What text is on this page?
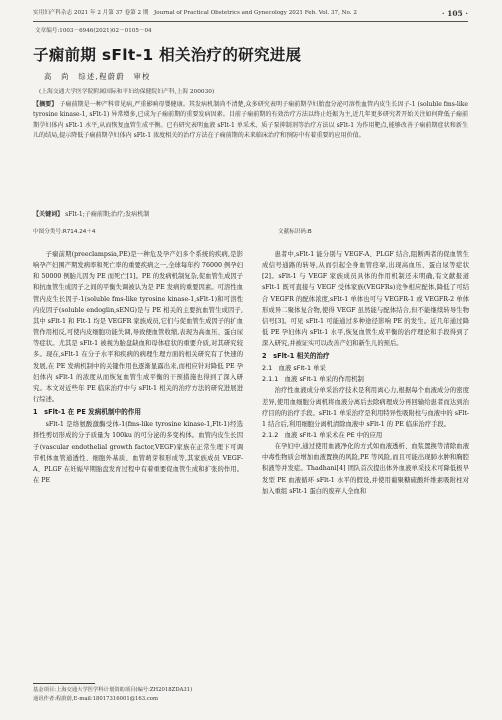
实用妇产科杂志 2021 年 2 月第 37 卷第 2 期　Journal of Practical Obstetrics and Gynecology 2021 Feb. Vol. 37, No. 2	· 105 ·
文章编号:1003－6946(2021)02－0105－04
子痫前期 sFlt-1 相关治疗的研究进展
高　尚　综述,程蔚蔚　审校
(上海交通大学医学院附属国际和平妇幼保健院妇产科,上海 200030)
【摘要】 子痫前期是一种产科常见病,严重影响母婴健康。其发病机制尚不清楚,众多研究表明子痫前期孕妇胎盘分泌可溶性血管内皮生长因子-1 (soluble fms-like tyrosine kinase-1, sFlt-1) 异常增多,已成为子痫前期的重要发病因素。目前子痫前期的有效治疗方法以终止妊娠为主,近几年更多研究者开始关注如何降低子痫前期孕妇体内 sFlt-1 水平,从而恢复血管生成平衡。已有研究表明血液 sFlt-1 单采术、质子泵抑制剂等治疗方法以 sFlt-1 为作用靶点,能够改善子痫前期症状和新生儿的结局,提示降低子痫前期孕妇体内 sFlt-1 浓度相关的治疗方法在子痫前期的未来临床治疗和预防中有着重要的应用价值。
【关键词】 sFlt-1;子痫前期;治疗;发病机制
中图分类号:R714.24＋4	文献标识码:B

子痫前期(preeclampsia,PE)是一种危及孕产妇多个系统的疾病,是影响孕产妇围产期发病率和死亡率的重要疾病之一,全球每年约 76000 例孕妇和 50000 例胎儿因为 PE 而死亡[1]。PE 的发病机制复杂,促血管生成因子和抗血管生成因子之间的平衡失调被认为是 PE 发病的重要因素。可溶性血管内皮生长因子-1(soluble fms-like tyrosine kinase-1,sFlt-1)和可溶性内皮因子(soluble endoglin,sENG)是与 PE 相关的主要抗血管生成因子,其中 sFlt-1 和 Flt-1 均是 VEGFR 家族成员,它们与促血管生成因子的扩血管作用相反,可使内皮细胞功能失调,导致便血管收缩,表现为高血压、蛋白尿等症状。尤其是 sFlt-1 被视为胎盘缺血和母体症状的重要介质,对其研究较多。现在,sFlt-1 在分子水平和疾病的病理生理方面的相关研究有了快速的发展,在 PE 发病机制中的关键作用也逐渐显露出来,而相应针对降低 PE 孕妇体内 sFlt-1 的浓度从而恢复血管生成平衡的干预措施也得到了深入研究。本文对近些年 PE 临床治疗中与 sFlt-1 相关的治疗方法的研究进展进行综述。

1　sFlt-1 在 PE 发病机制中的作用

sFlt-1 是络氨酸激酶受体-1(fms-like tyrosine kinase-1,Flt-1)经选择性剪切形成的分子质量为 100ku 的可分泌的多变构体。血管内皮生长因子(vascular endothelial growth factor,VEGF)家族在正常生理下可调节机体血管通透性、细胞外基质、血管萌芽和形成等,其家族成员 VEGF-A、PLGF 在妊娠早期胎盘发育过程中有着重要促血管生成和扩张的作用。在 PE

患者中,sFlt-1 能分别与 VEGF-A、PLGF 结合,阻断两者的促血管生成信号通路的转导,从而引起全身血管痉挛,出现高血压、蛋白尿等症状[2]。sFlt-1 与 VEGF 家族成员具体的作用机制还未明确,有文献报道 sFlt-1 既可直接与 VEGF 受体家族(VEGFRs)竞争相应配体,降低了可结合 VEGFR 的配体浓度,sFlt-1 单体也可与 VEGFR-1 或 VEGFR-2 单体形成异二聚体复合物,使得 VEGF 虽然能与配体结合,但不能继续转导生物信号[3]。可见 sFlt-1 可能通过多种途径影响 PE 的发生。近几年通过降低 PE 孕妇体内 sFlt-1 水平,恢复血管生成平衡的治疗理论和手段得到了深入研究,并被证实可以改善产妇和新生儿的预后。

2　sFlt-1 相关的治疗
2.1　血液 sFlt-1 单采
2.1.1　血液 sFlt-1 单采的作用机制

治疗性血液成分单采治疗技术是利用离心力,根据每个血液成分的密度差异,使用血细胞分离机将血液分离后去除病理成分再回输给患者而达到治疗目的的治疗手段。sFlt-1 单采治疗是利用特异性吸附柱与血液中的 sFlt-1 结合后,利用细胞分离机清除血液中 sFlt-1 的 PE 临床治疗手段。

2.1.2　血液 sFlt-1 单采术在 PE 中的应用

在孕妇中,通过使用血液净化的方式如血液透析、血浆置换等清除血液中毒性物质会增加血液置换的风险,PE 等风险,而且可能出现肺水肿和胸腔积液等并发症。Thadhani[4] 团队首次提出体外血液单采技术可降低极早发型 PE 血液循环 sFlt-1 水平的假设,并使用葡聚糖硫酸纤维素吸附柱对加入重组 sFlt-1 蛋白的废弃人全血和

基金项目:上海交通大学医学科计划资助项目(编号:ZH2018ZDA31)
通讯作者:程蔚蔚,E-mail:18017316001@163.com
